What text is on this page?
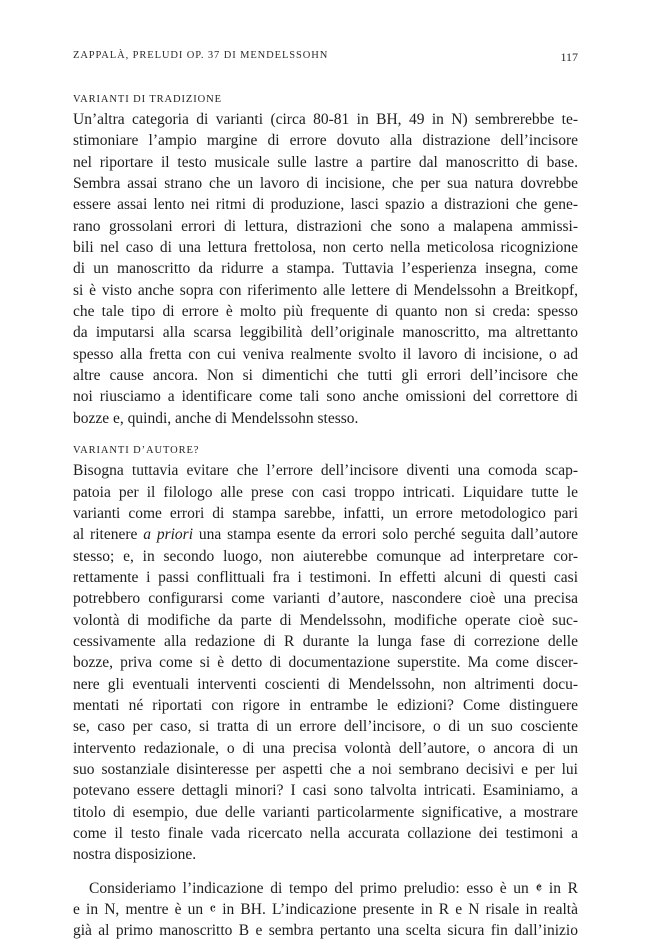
ZAPPALÀ, PRELUDI OP. 37 DI MENDELSSOHN	117
VARIANTI DI TRADIZIONE
Un’altra categoria di varianti (circa 80-81 in BH, 49 in N) sembrerebbe te-
stimoniare l’ampio margine di errore dovuto alla distrazione dell’incisore
nel riportare il testo musicale sulle lastre a partire dal manoscritto di base.
Sembra assai strano che un lavoro di incisione, che per sua natura dovrebbe
essere assai lento nei ritmi di produzione, lasci spazio a distrazioni che gene-
rano grossolani errori di lettura, distrazioni che sono a malapena ammissi-
bili nel caso di una lettura frettolosa, non certo nella meticolosa ricognizione
di un manoscritto da ridurre a stampa. Tuttavia l’esperienza insegna, come
si è visto anche sopra con riferimento alle lettere di Mendelssohn a Breitkopf,
che tale tipo di errore è molto più frequente di quanto non si creda: spesso
da imputarsi alla scarsa leggibilità dell’originale manoscritto, ma altrettanto
spesso alla fretta con cui veniva realmente svolto il lavoro di incisione, o ad
altre cause ancora. Non si dimentichi che tutti gli errori dell’incisore che
noi riusciamo a identificare come tali sono anche omissioni del correttore di
bozze e, quindi, anche di Mendelssohn stesso.
VARIANTI D’AUTORE?
Bisogna tuttavia evitare che l’errore dell’incisore diventi una comoda scap-
patoia per il filologo alle prese con casi troppo intricati. Liquidare tutte le
varianti come errori di stampa sarebbe, infatti, un errore metodologico pari
al ritenere a priori una stampa esente da errori solo perché seguita dall’autore
stesso; e, in secondo luogo, non aiuterebbe comunque ad interpretare cor-
rettamente i passi conflittuali fra i testimoni. In effetti alcuni di questi casi
potrebbero configurarsi come varianti d’autore, nascondere cioè una precisa
volontà di modifiche da parte di Mendelssohn, modifiche operate cioè suc-
cessivamente alla redazione di R durante la lunga fase di correzione delle
bozze, priva come si è detto di documentazione superstite. Ma come discer-
nere gli eventuali interventi coscienti di Mendelssohn, non altrimenti docu-
mentati né riportati con rigore in entrambe le edizioni? Come distinguere
se, caso per caso, si tratta di un errore dell’incisore, o di un suo cosciente
intervento redazionale, o di una precisa volontà dell’autore, o ancora di un
suo sostanziale disinteresse per aspetti che a noi sembrano decisivi e per lui
potevano essere dettagli minori? I casi sono talvolta intricati. Esaminiamo, a
titolo di esempio, due delle varianti particolarmente significative, a mostrare
come il testo finale vada ricercato nella accurata collazione dei testimoni a
nostra disposizione.
Consideriamo l’indicazione di tempo del primo preludio: esso è un 𝄵 in R
e in N, mentre è un 𝄴 in BH. L’indicazione presente in R e N risale in realtà
già al primo manoscritto B e sembra pertanto una scelta sicura fin dall’inizio
